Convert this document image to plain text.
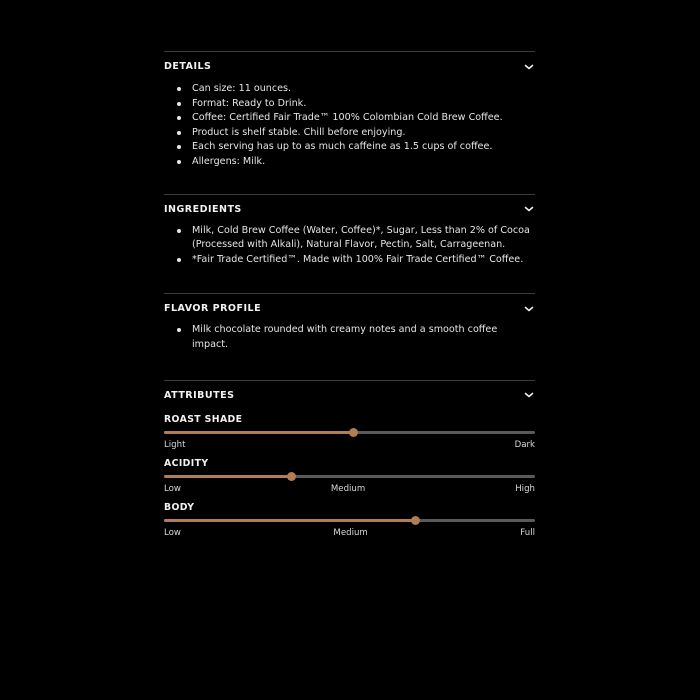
DETAILS
Can size: 11 ounces.
Format: Ready to Drink.
Coffee: Certified Fair Trade™ 100% Colombian Cold Brew Coffee.
Product is shelf stable. Chill before enjoying.
Each serving has up to as much caffeine as 1.5 cups of coffee.
Allergens: Milk.
INGREDIENTS
Milk, Cold Brew Coffee (Water, Coffee)*, Sugar, Less than 2% of Cocoa (Processed with Alkali), Natural Flavor, Pectin, Salt, Carrageenan.
*Fair Trade Certified™. Made with 100% Fair Trade Certified™ Coffee.
FLAVOR PROFILE
Milk chocolate rounded with creamy notes and a smooth coffee impact.
ATTRIBUTES
ROAST SHADE
Light	Dark
ACIDITY
Low	Medium	High
BODY
Low	Medium	Full
